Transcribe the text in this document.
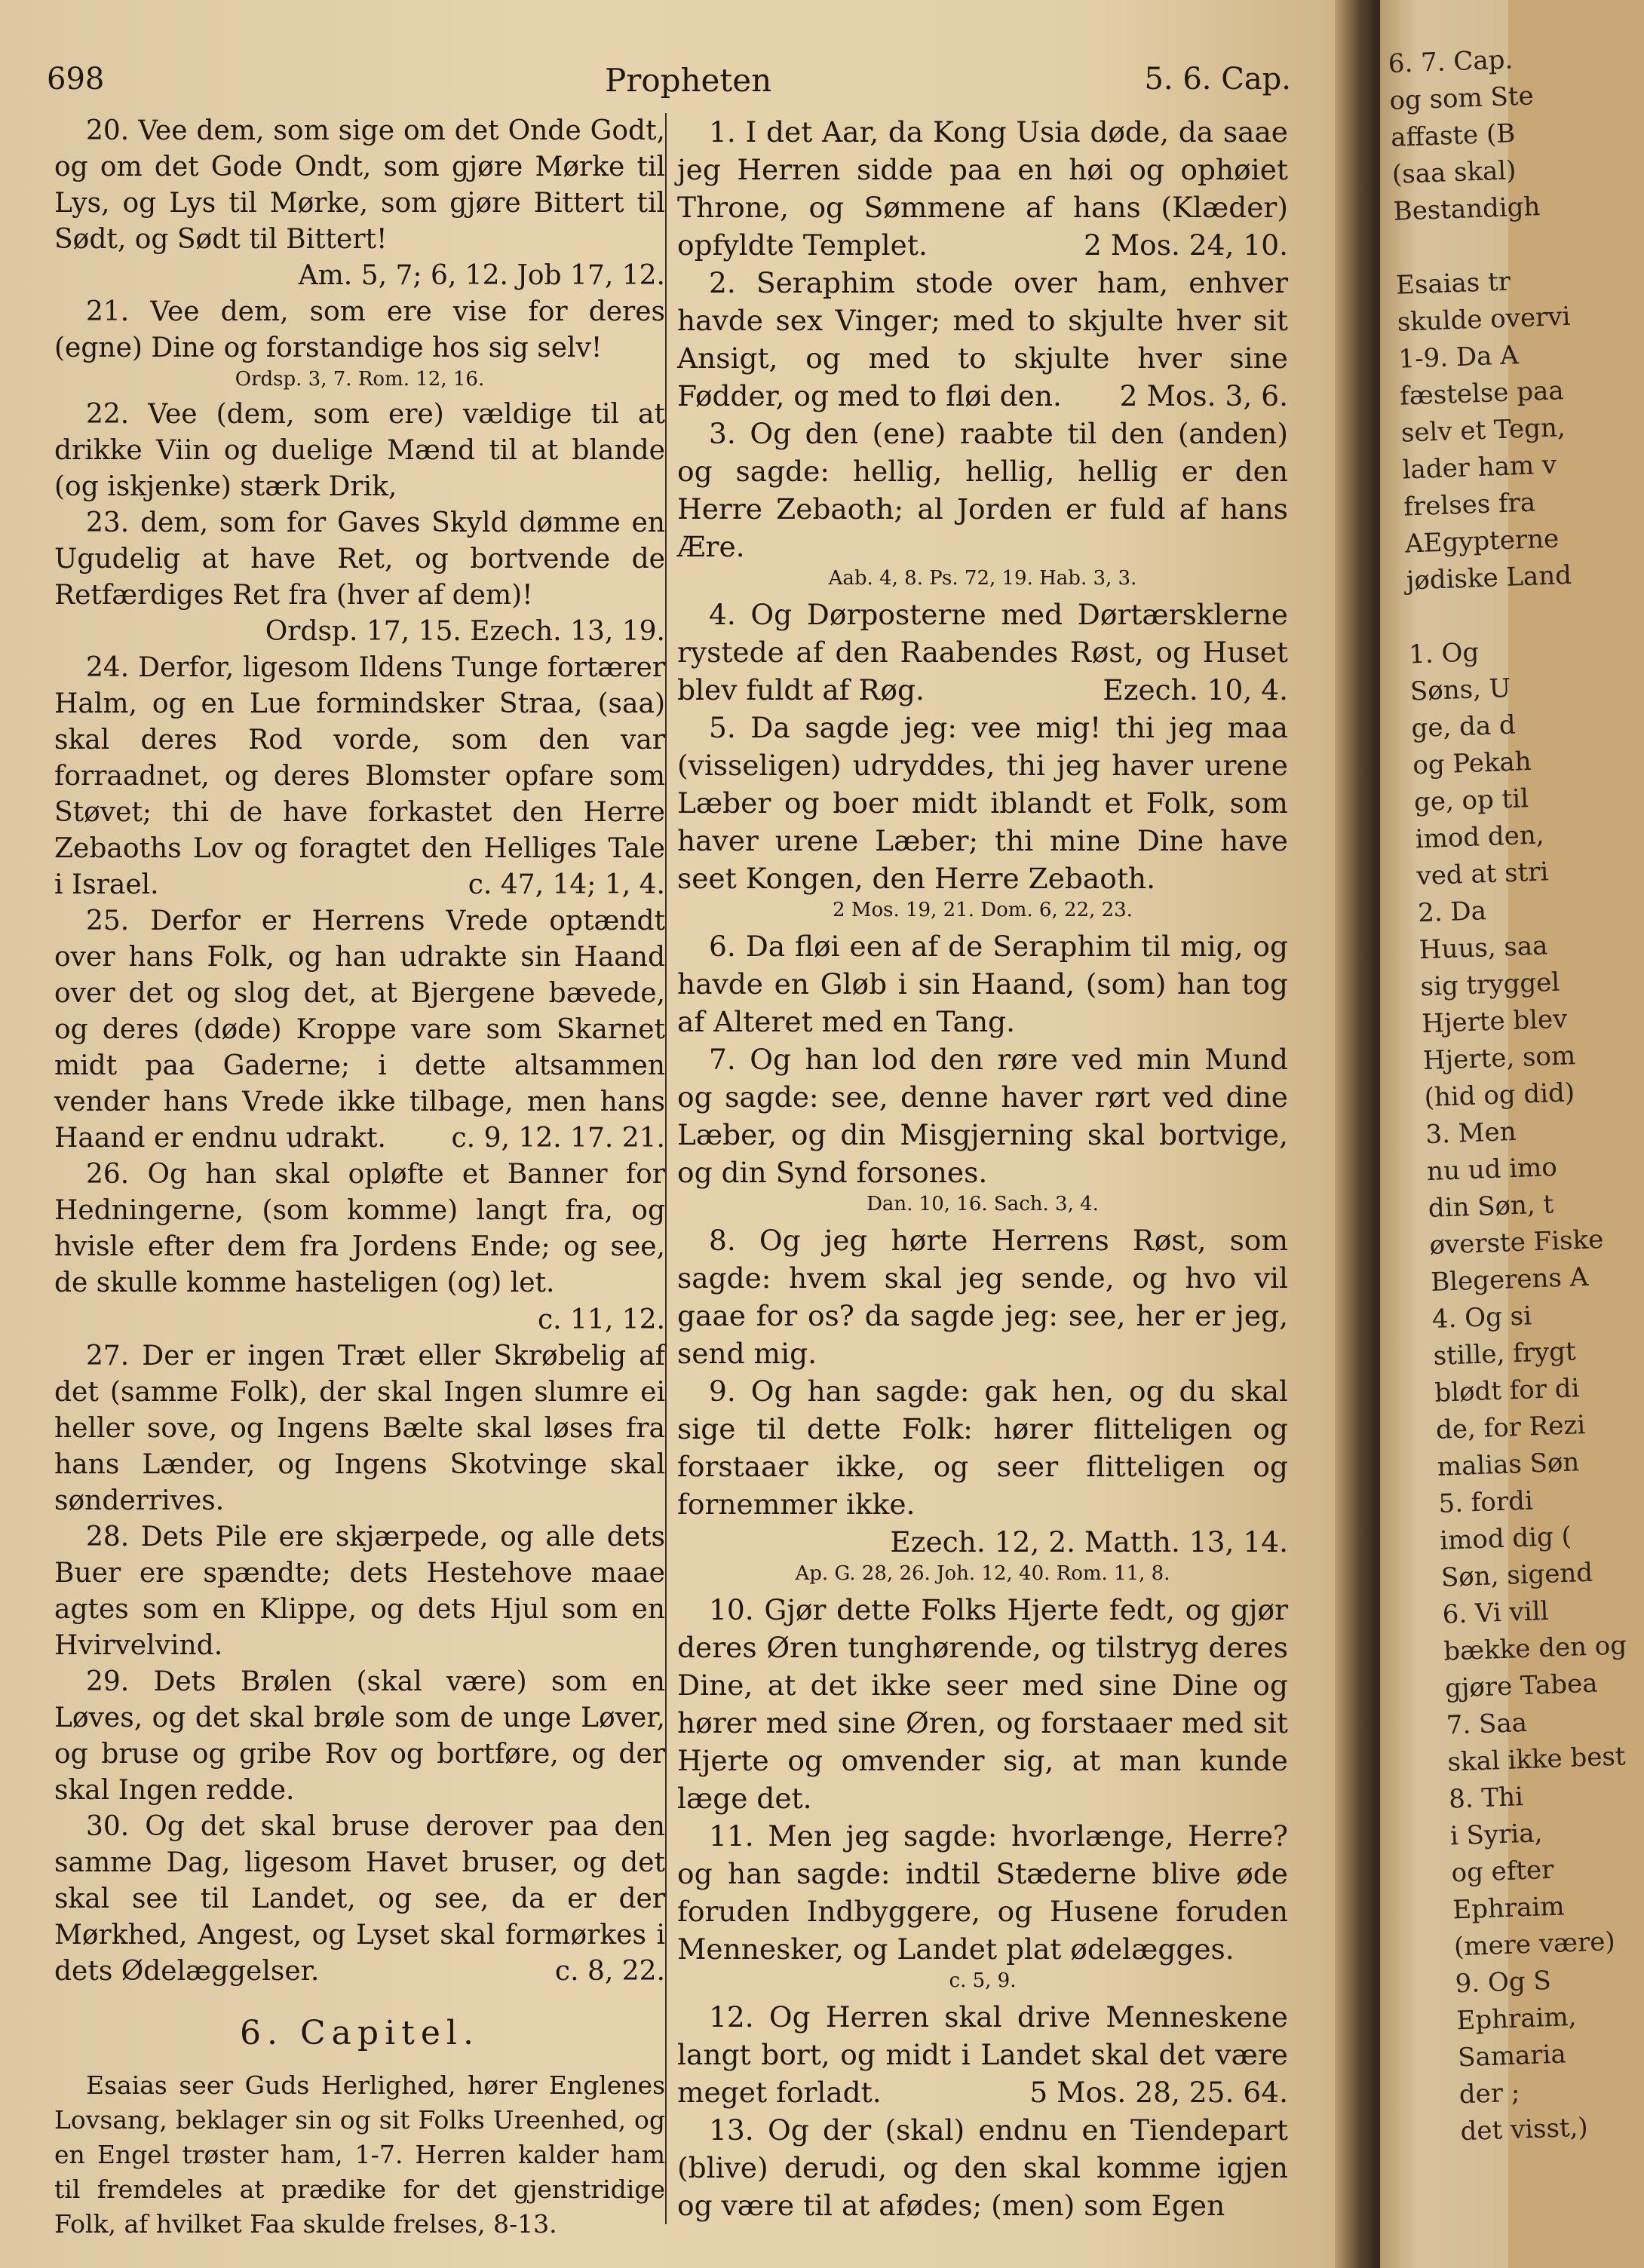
698	Propheten	5. 6. Cap.

20. Vee dem, som sige om det Onde Godt, og om det Gode Ondt, som gjøre Mørke til Lys, og Lys til Mørke, som gjøre Bittert til Sødt, og Sødt til Bittert!
Am. 5, 7; 6, 12. Job 17, 12.

21. Vee dem, som ere vise for deres (egne) Dine og forstandige hos sig selv!

Ordsp. 3, 7. Rom. 12, 16.

22. Vee (dem, som ere) vældige til at drikke Viin og duelige Mænd til at blande (og iskjenke) stærk Drik,

23. dem, som for Gaves Skyld dømme en Ugudelig at have Ret, og bortvende de Retfærdiges Ret fra (hver af dem)!
Ordsp. 17, 15. Ezech. 13, 19.

24. Derfor, ligesom Ildens Tunge fortærer Halm, og en Lue formindsker Straa, (saa) skal deres Rod vorde, som den var forraadnet, og deres Blomster opfare som Støvet; thi de have forkastet den Herre Zebaoths Lov og foragtet den Helliges Tale i Israel.	c. 47, 14; 1, 4.

25. Derfor er Herrens Vrede optændt over hans Folk, og han udrakte sin Haand over det og slog det, at Bjergene bævede, og deres (døde) Kroppe vare som Skarnet midt paa Gaderne; i dette altsammen vender hans Vrede ikke tilbage, men hans Haand er endnu udrakt.	c. 9, 12. 17. 21.

26. Og han skal opløfte et Banner for Hedningerne, (som komme) langt fra, og hvisle efter dem fra Jordens Ende; og see, de skulle komme hasteligen (og) let.
c. 11, 12.

27. Der er ingen Træt eller Skrøbelig af det (samme Folk), der skal Ingen slumre ei heller sove, og Ingens Bælte skal løses fra hans Lænder, og Ingens Skotvinge skal sønderrives.

28. Dets Pile ere skjærpede, og alle dets Buer ere spændte; dets Hestehove maae agtes som en Klippe, og dets Hjul som en Hvirvelvind.

29. Dets Brølen (skal være) som en Løves, og det skal brøle som de unge Løver, og bruse og gribe Rov og bortføre, og der skal Ingen redde.

30. Og det skal bruse derover paa den samme Dag, ligesom Havet bruser, og det skal see til Landet, og see, da er der Mørkhed, Angest, og Lyset skal formørkes i dets Ødelæggelser.	c. 8, 22.

6. Capitel.

Esaias seer Guds Herlighed, hører Englenes Lovsang, beklager sin og sit Folks Ureenhed, og en Engel trøster ham, 1-7. Herren kalder ham til fremdeles at prædike for det gjenstridige Folk, af hvilket Faa skulde frelses, 8-13.

1. I det Aar, da Kong Usia døde, da saae jeg Herren sidde paa en høi og ophøiet Throne, og Sømmene af hans (Klæder) opfyldte Templet.	2 Mos. 24, 10.

2. Seraphim stode over ham, enhver havde sex Vinger; med to skjulte hver sit Ansigt, og med to skjulte hver sine Fødder, og med to fløi den.	2 Mos. 3, 6.

3. Og den (ene) raabte til den (anden) og sagde: hellig, hellig, hellig er den Herre Zebaoth; al Jorden er fuld af hans Ære.

Aab. 4, 8. Ps. 72, 19. Hab. 3, 3.

4. Og Dørposterne med Dørtærsklerne rystede af den Raabendes Røst, og Huset blev fuldt af Røg.	Ezech. 10, 4.

5. Da sagde jeg: vee mig! thi jeg maa (visseligen) udryddes, thi jeg haver urene Læber og boer midt iblandt et Folk, som haver urene Læber; thi mine Dine have seet Kongen, den Herre Zebaoth.

2 Mos. 19, 21. Dom. 6, 22, 23.

6. Da fløi een af de Seraphim til mig, og havde en Gløb i sin Haand, (som) han tog af Alteret med en Tang.

7. Og han lod den røre ved min Mund og sagde: see, denne haver rørt ved dine Læber, og din Misgjerning skal bortvige, og din Synd forsones.

Dan. 10, 16. Sach. 3, 4.

8. Og jeg hørte Herrens Røst, som sagde: hvem skal jeg sende, og hvo vil gaae for os? da sagde jeg: see, her er jeg, send mig.

9. Og han sagde: gak hen, og du skal sige til dette Folk: hører flitteligen og forstaaer ikke, og seer flitteligen og fornemmer ikke.
Ezech. 12, 2. Matth. 13, 14.

Ap. G. 28, 26. Joh. 12, 40. Rom. 11, 8.

10. Gjør dette Folks Hjerte fedt, og gjør deres Øren tunghørende, og tilstryg deres Dine, at det ikke seer med sine Dine og hører med sine Øren, og forstaaer med sit Hjerte og omvender sig, at man kunde læge det.

11. Men jeg sagde: hvorlænge, Herre? og han sagde: indtil Stæderne blive øde foruden Indbyggere, og Husene foruden Mennesker, og Landet plat ødelægges.

c. 5, 9.

12. Og Herren skal drive Menneskene langt bort, og midt i Landet skal det være meget forladt.	5 Mos. 28, 25. 64.

13. Og der (skal) endnu en Tiendepart (blive) derudi, og den skal komme igjen og være til at afødes; (men) som Egen

6. 7. Cap.
og som Ste
affaste (B
(saa skal)
Bestandigh
Esaias tr
skulde overvi
1-9. Da A
fæstelse paa
selv et Tegn,
lader ham v
frelses fra
AEgypterne
jødiske Land
1. Og
Søns, U
ge, da d
og Pekah
ge, op til
imod den,
ved at stri
2. Da
Huus, saa
sig tryggel
Hjerte blev
Hjerte, som
(hid og did)
3. Men
nu ud imo
din Søn, t
øverste Fiske
Blegerens A
4. Og si
stille, frygt
blødt for di
de, for Rezi
malias Søn
5. fordi
imod dig (
Søn, sigend
6. Vi vill
bække den og
gjøre Tabea
7. Saa
skal ikke best
8. Thi
i Syria,
og efter
Ephraim
(mere være)
9. Og S
Ephraim,
Samaria
der ;
det visst,)
